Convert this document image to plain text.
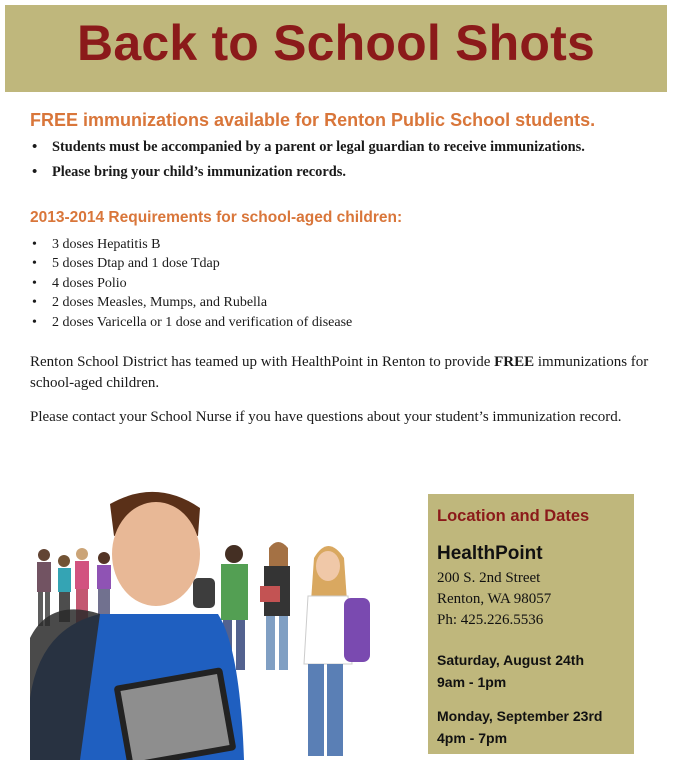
Back to School Shots
FREE immunizations available for Renton Public School students.
• Students must be accompanied by a parent or legal guardian to receive immunizations.
• Please bring your child’s immunization records.
2013-2014 Requirements for school-aged children:
• 3 doses Hepatitis B
• 5 doses Dtap and 1 dose Tdap
• 4 doses Polio
• 2 doses Measles, Mumps, and Rubella
• 2 doses Varicella or 1 dose and verification of disease

Renton School District has teamed up with HealthPoint in Renton to provide FREE immunizations for school-aged children.

Please contact your School Nurse if you have questions about your student’s immunization record.

Location and Dates
HealthPoint
200 S. 2nd Street
Renton, WA 98057
Ph: 425.226.5536
Saturday, August 24th
9am - 1pm
Monday, September 23rd
4pm - 7pm
